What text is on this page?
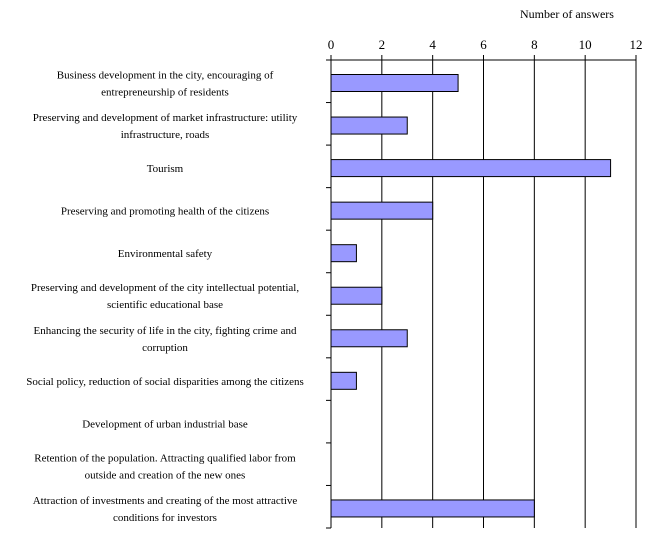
0	2	4	6	8	10	12
Business development in the city, encouraging of
entrepreneurship of residents
Preserving and development of market infrastructure: utility
infrastructure, roads
Tourism
Preserving and promoting health of the citizens
Environmental safety
Preserving and development of the city intellectual potential,
scientific educational base
Enhancing the security of life in the city, fighting crime and
corruption
Social policy, reduction of social disparities among the citizens
Development of urban industrial base
Retention of the population. Attracting qualified labor from
outside and creation of the new ones
Attraction of investments and creating of the most attractive
conditions for investors
Number of answers
